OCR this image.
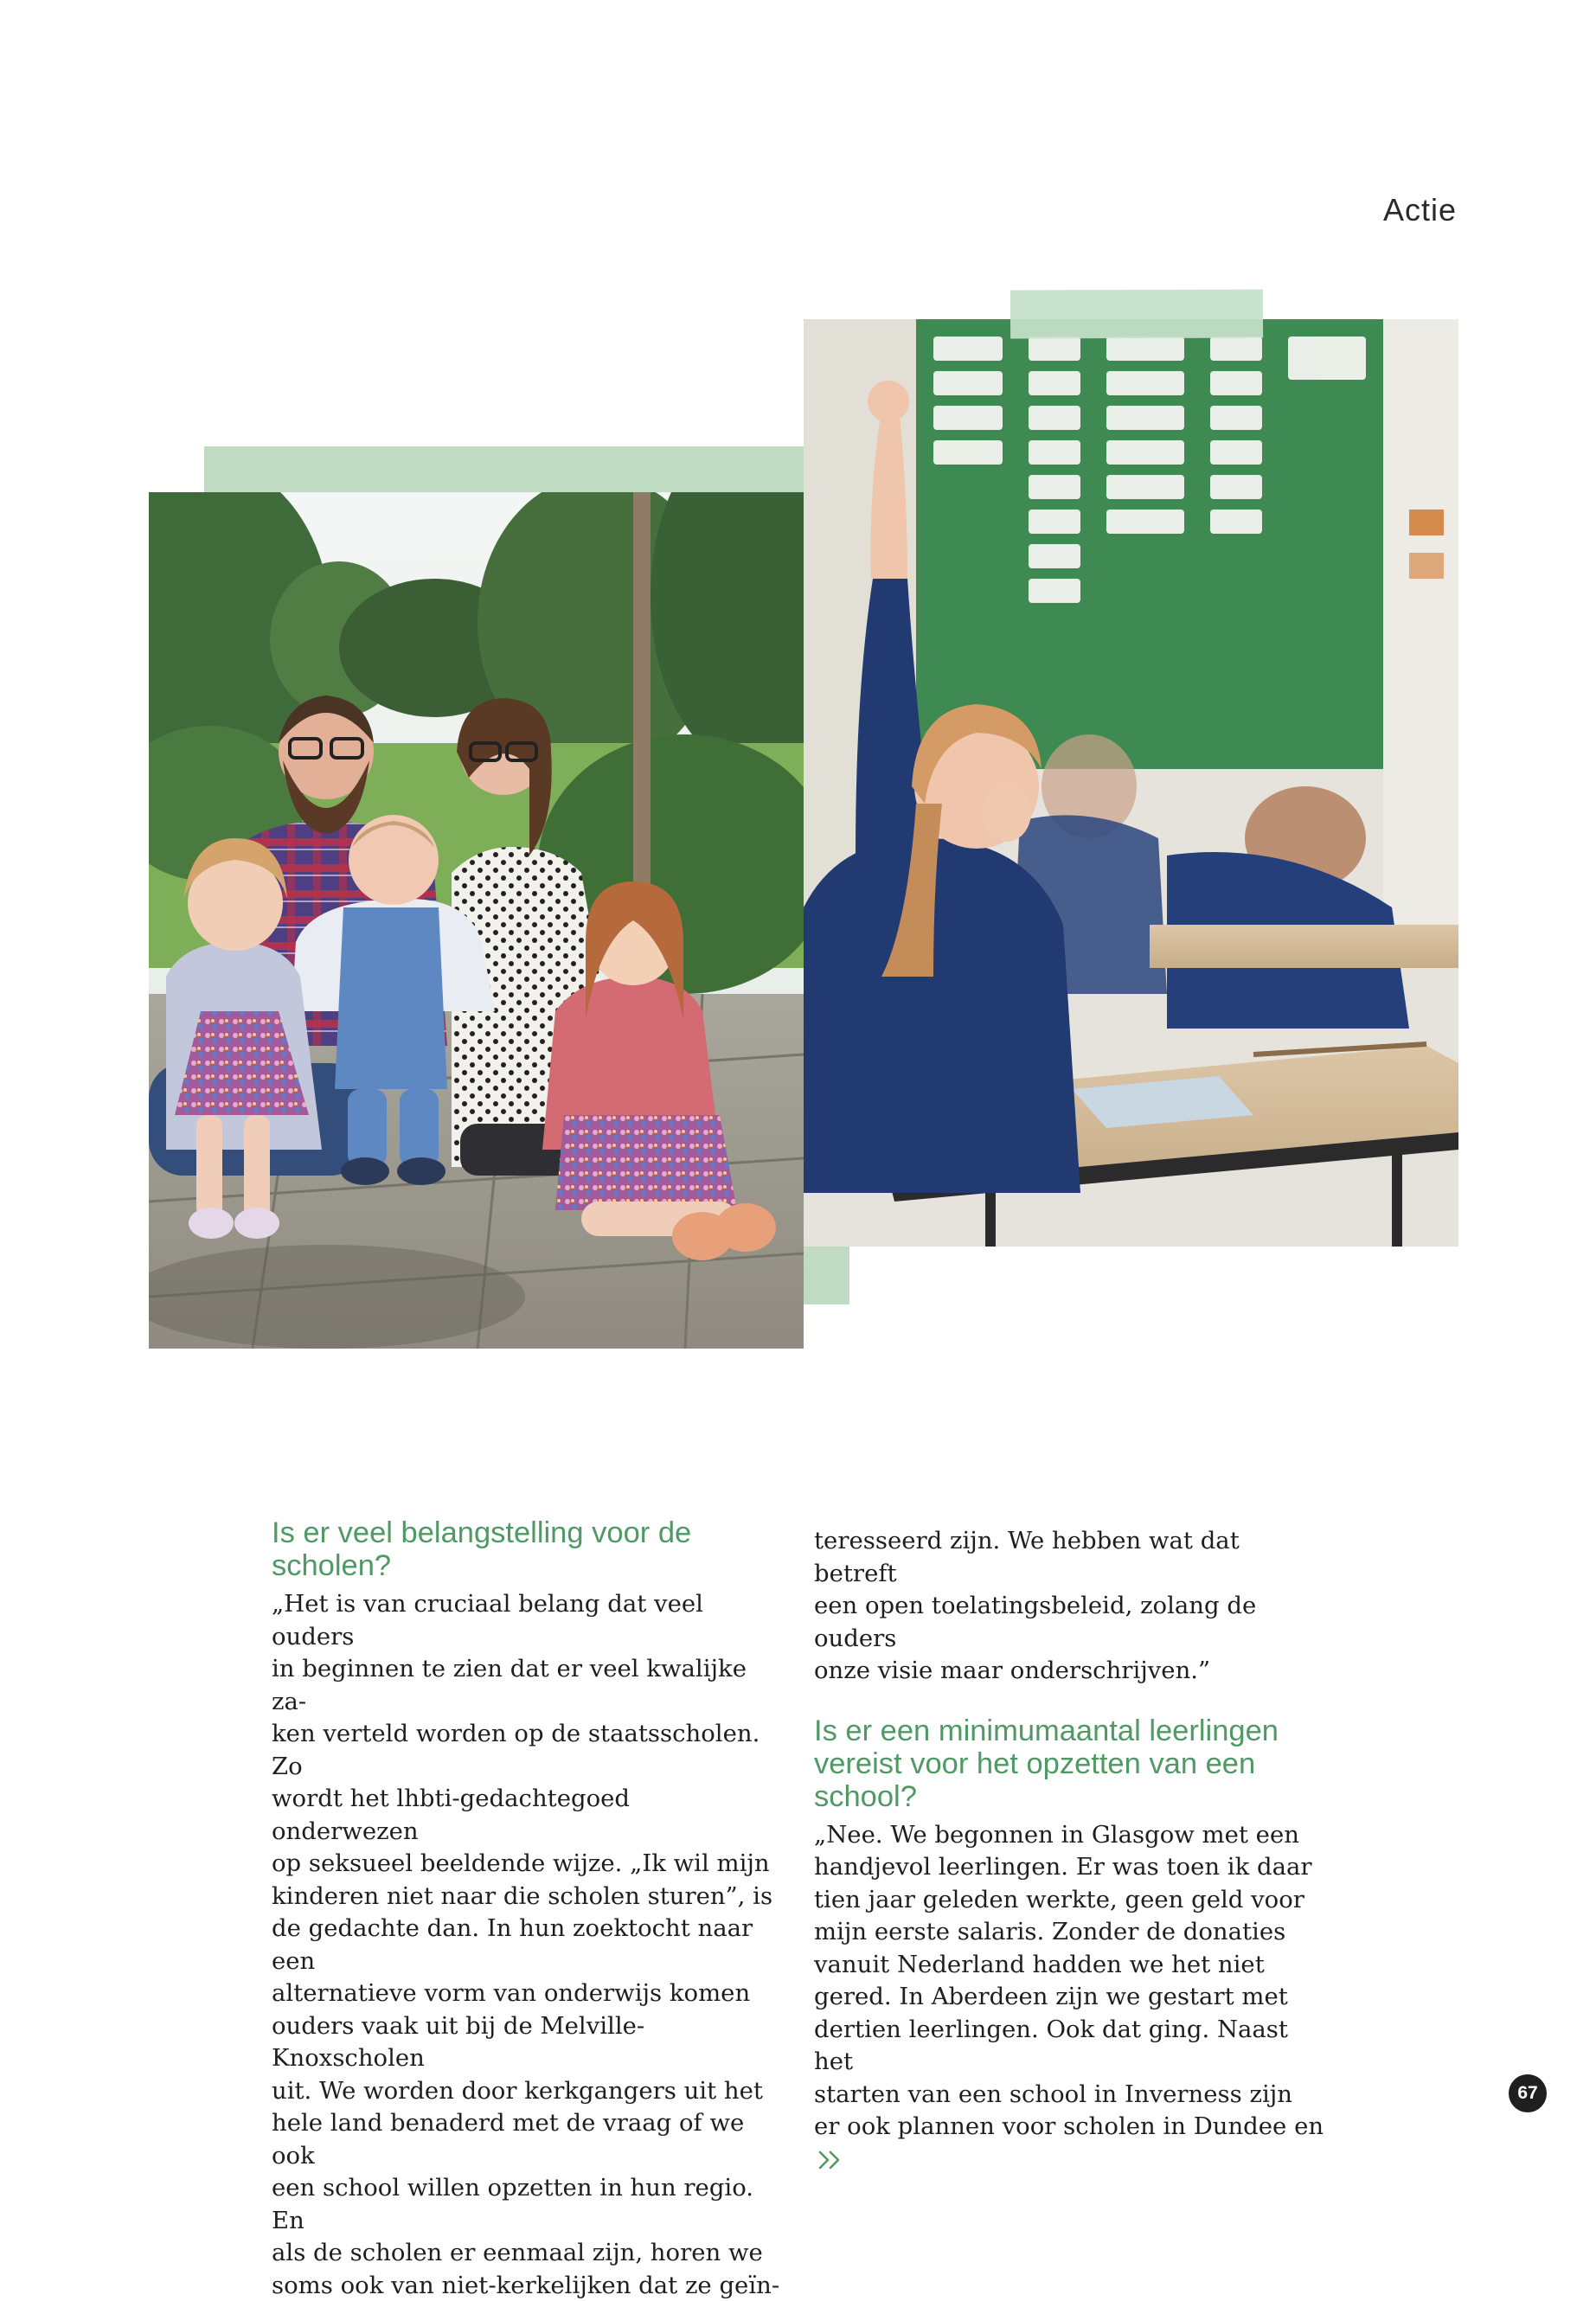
Actie
Is er veel belangstelling voor de scholen?

„Het is van cruciaal belang dat veel ouders
in beginnen te zien dat er veel kwalijke za-
ken verteld worden op de staatsscholen. Zo
wordt het lhbti-gedachtegoed onderwezen
op seksueel beeldende wijze. „Ik wil mijn
kinderen niet naar die scholen sturen”, is
de gedachte dan. In hun zoektocht naar een
alternatieve vorm van onderwijs komen
ouders vaak uit bij de Melville-Knoxscholen
uit. We worden door kerkgangers uit het
hele land benaderd met de vraag of we ook
een school willen opzetten in hun regio. En
als de scholen er eenmaal zijn, horen we
soms ook van niet-kerkelijken dat ze geïn-

teresseerd zijn. We hebben wat dat betreft
een open toelatingsbeleid, zolang de ouders
onze visie maar onderschrijven.”

Is er een minimumaantal leerlingen vereist voor het opzetten van een school?

„Nee. We begonnen in Glasgow met een
handjevol leerlingen. Er was toen ik daar
tien jaar geleden werkte, geen geld voor
mijn eerste salaris. Zonder de donaties
vanuit Nederland hadden we het niet
gered. In Aberdeen zijn we gestart met
dertien leerlingen. Ook dat ging. Naast het
starten van een school in Inverness zijn
er ook plannen voor scholen in Dundee en

67
